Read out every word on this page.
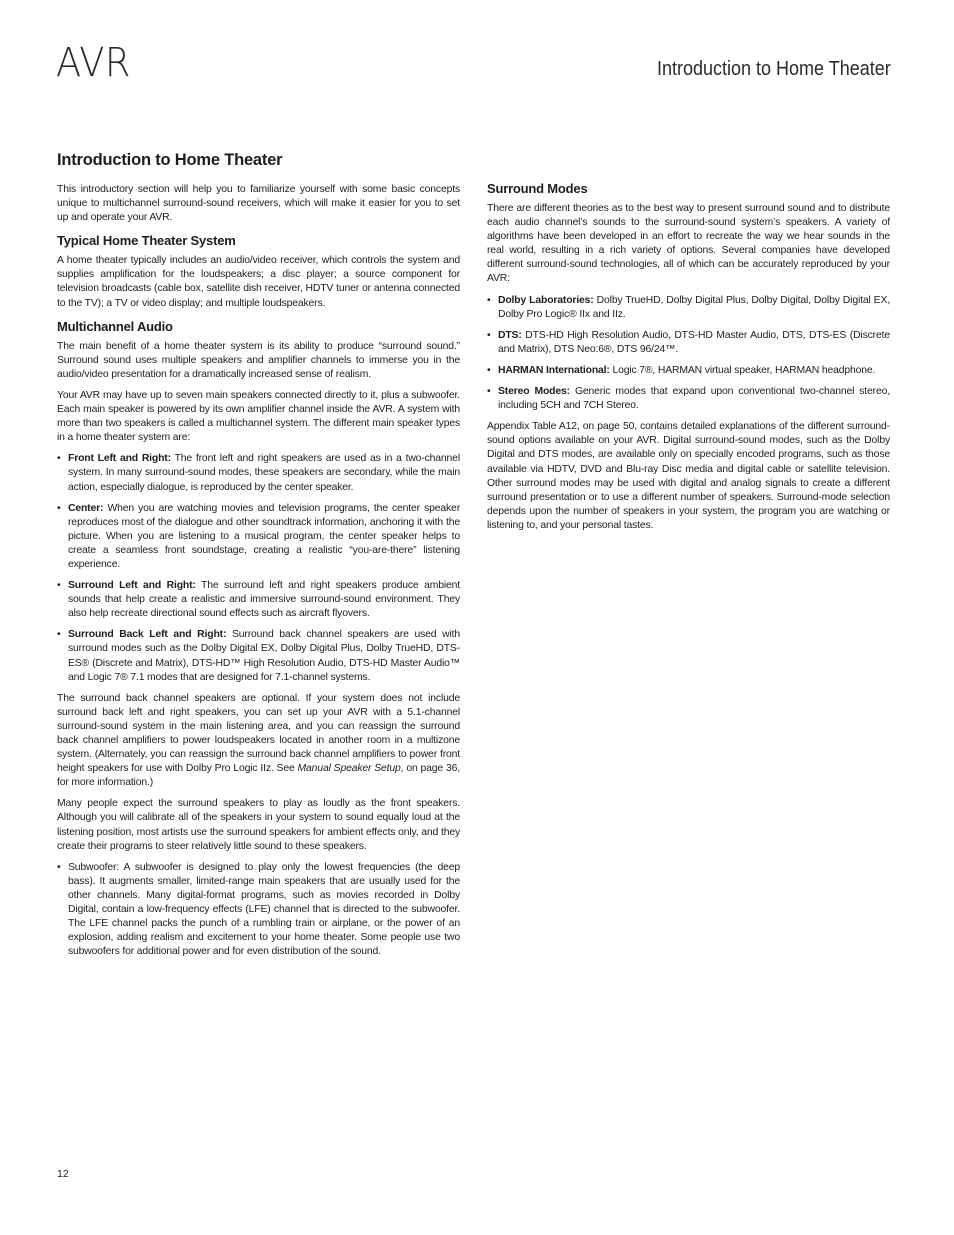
AVR	Introduction to Home Theater
Introduction to Home Theater

This introductory section will help you to familiarize yourself with some basic concepts unique to multichannel surround-sound receivers, which will make it easier for you to set up and operate your AVR.

Typical Home Theater System

A home theater typically includes an audio/video receiver, which controls the system and supplies amplification for the loudspeakers; a disc player; a source component for television broadcasts (cable box, satellite dish receiver, HDTV tuner or antenna connected to the TV); a TV or video display; and multiple loudspeakers.

Multichannel Audio

The main benefit of a home theater system is its ability to produce “surround sound.” Surround sound uses multiple speakers and amplifier channels to immerse you in the audio/video presentation for a dramatically increased sense of realism.

Your AVR may have up to seven main speakers connected directly to it, plus a subwoofer. Each main speaker is powered by its own amplifier channel inside the AVR. A system with more than two speakers is called a multichannel system. The different main speaker types in a home theater system are:

• Front Left and Right: The front left and right speakers are used as in a two-channel system. In many surround-sound modes, these speakers are secondary, while the main action, especially dialogue, is reproduced by the center speaker.
• Center: When you are watching movies and television programs, the center speaker reproduces most of the dialogue and other soundtrack information, anchoring it with the picture. When you are listening to a musical program, the center speaker helps to create a seamless front soundstage, creating a realistic “you-are-there” listening experience.
• Surround Left and Right: The surround left and right speakers produce ambient sounds that help create a realistic and immersive surround-sound environment. They also help recreate directional sound effects such as aircraft flyovers.
• Surround Back Left and Right: Surround back channel speakers are used with surround modes such as the Dolby Digital EX, Dolby Digital Plus, Dolby TrueHD, DTS-ES® (Discrete and Matrix), DTS-HD™ High Resolution Audio, DTS-HD Master Audio™ and Logic 7® 7.1 modes that are designed for 7.1-channel systems.

The surround back channel speakers are optional. If your system does not include surround back left and right speakers, you can set up your AVR with a 5.1-channel surround-sound system in the main listening area, and you can reassign the surround back channel amplifiers to power loudspeakers located in another room in a multizone system. (Alternately, you can reassign the surround back channel amplifiers to power front height speakers for use with Dolby Pro Logic IIz. See Manual Speaker Setup, on page 36, for more information.)

Many people expect the surround speakers to play as loudly as the front speakers. Although you will calibrate all of the speakers in your system to sound equally loud at the listening position, most artists use the surround speakers for ambient effects only, and they create their programs to steer relatively little sound to these speakers.

• Subwoofer: A subwoofer is designed to play only the lowest frequencies (the deep bass). It augments smaller, limited-range main speakers that are usually used for the other channels. Many digital-format programs, such as movies recorded in Dolby Digital, contain a low-frequency effects (LFE) channel that is directed to the subwoofer. The LFE channel packs the punch of a rumbling train or airplane, or the power of an explosion, adding realism and excitement to your home theater. Some people use two subwoofers for additional power and for even distribution of the sound.
Surround Modes

There are different theories as to the best way to present surround sound and to distribute each audio channel’s sounds to the surround-sound system’s speakers. A variety of algorithms have been developed in an effort to recreate the way we hear sounds in the real world, resulting in a rich variety of options. Several companies have developed different surround-sound technologies, all of which can be accurately reproduced by your AVR:

• Dolby Laboratories: Dolby TrueHD, Dolby Digital Plus, Dolby Digital, Dolby Digital EX, Dolby Pro Logic® IIx and IIz.
• DTS: DTS-HD High Resolution Audio, DTS-HD Master Audio, DTS, DTS-ES (Discrete and Matrix), DTS Neo:6®, DTS 96/24™.
• HARMAN International: Logic 7®, HARMAN virtual speaker, HARMAN headphone.
• Stereo Modes: Generic modes that expand upon conventional two-channel stereo, including 5CH and 7CH Stereo.

Appendix Table A12, on page 50, contains detailed explanations of the different surround-sound options available on your AVR. Digital surround-sound modes, such as the Dolby Digital and DTS modes, are available only on specially encoded programs, such as those available via HDTV, DVD and Blu-ray Disc media and digital cable or satellite television. Other surround modes may be used with digital and analog signals to create a different surround presentation or to use a different number of speakers. Surround-mode selection depends upon the number of speakers in your system, the program you are watching or listening to, and your personal tastes.

12
